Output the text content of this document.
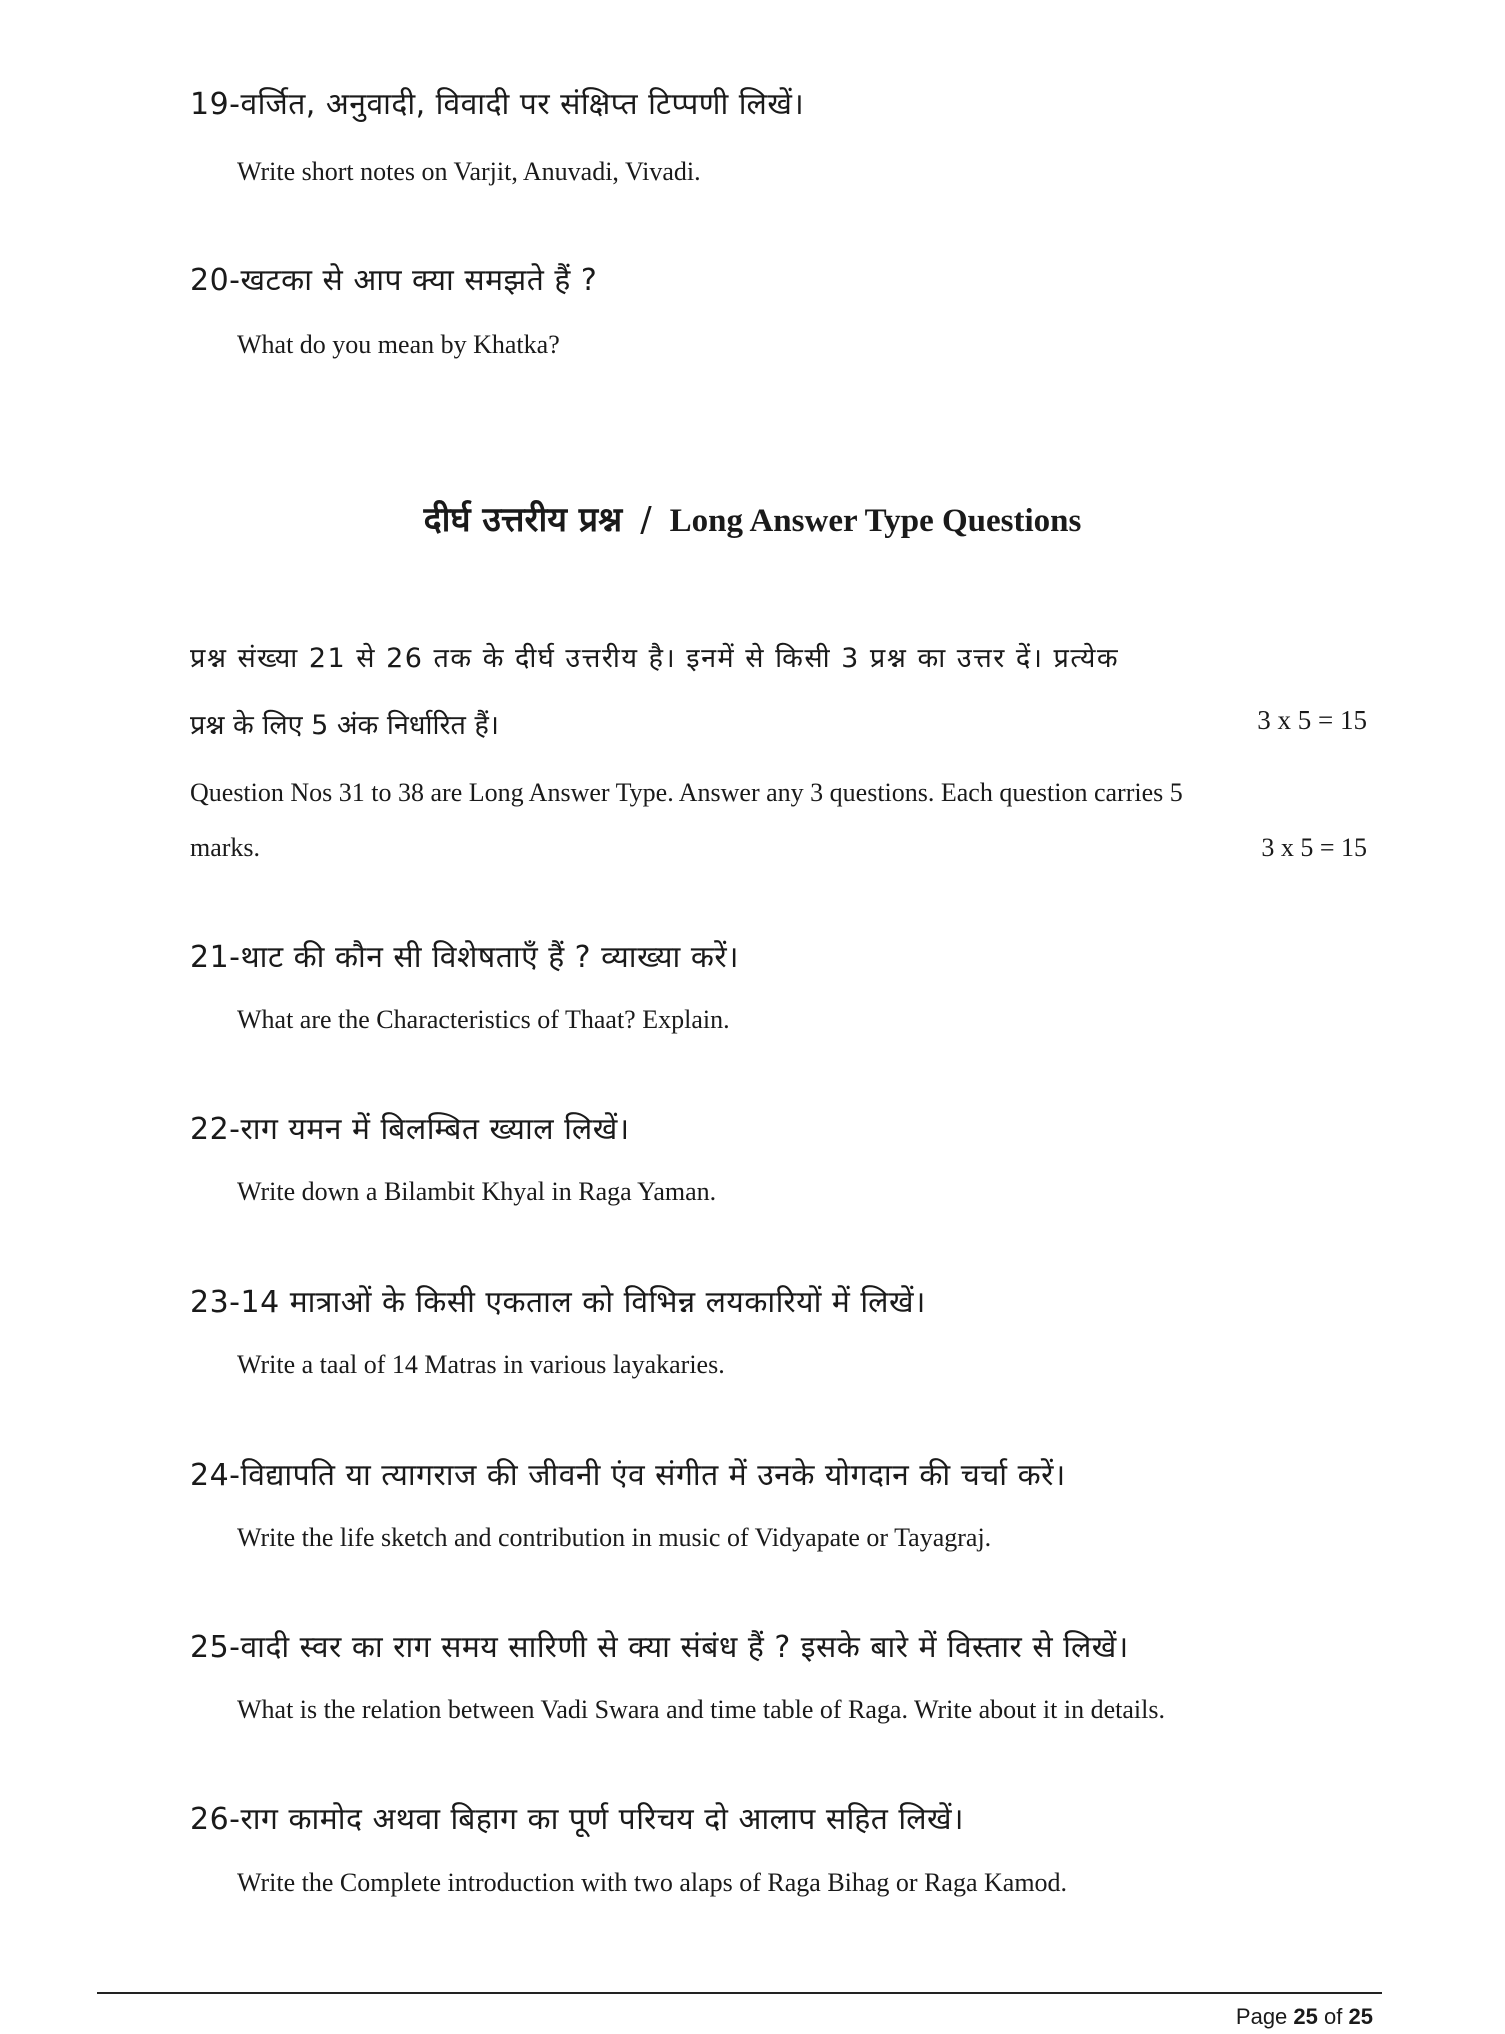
19-वर्जित, अनुवादी, विवादी पर संक्षिप्त टिप्पणी लिखें।
Write short notes on Varjit, Anuvadi, Vivadi.
20-खटका से आप क्या समझते हैं ?
What do you mean by Khatka?
दीर्घ उत्तरीय प्रश्न / Long Answer Type Questions
प्रश्न संख्या 21 से 26 तक के दीर्घ उत्तरीय है। इनमें से किसी 3 प्रश्न का उत्तर दें। प्रत्येक
प्रश्न के लिए 5 अंक निर्धारित हैं।	3 x 5 = 15
Question Nos 31 to 38 are Long Answer Type. Answer any 3 questions. Each question carries 5
marks.	3 x 5 = 15
21-थाट की कौन सी विशेषताएँ हैं ? व्याख्या करें।
What are the Characteristics of Thaat? Explain.
22-राग यमन में बिलम्बित ख्याल लिखें।
Write down a Bilambit Khyal in Raga Yaman.
23-14 मात्राओं के किसी एकताल को विभिन्न लयकारियों में लिखें।
Write a taal of 14 Matras in various layakaries.
24-विद्यापति या त्यागराज की जीवनी एंव संगीत में उनके योगदान की चर्चा करें।
Write the life sketch and contribution in music of Vidyapate or Tayagraj.
25-वादी स्वर का राग समय सारिणी से क्या संबंध हैं ? इसके बारे में विस्तार से लिखें।
What is the relation between Vadi Swara and time table of Raga. Write about it in details.
26-राग कामोद अथवा बिहाग का पूर्ण परिचय दो आलाप सहित लिखें।
Write the Complete introduction with two alaps of Raga Bihag or Raga Kamod.
Page 25 of 25
